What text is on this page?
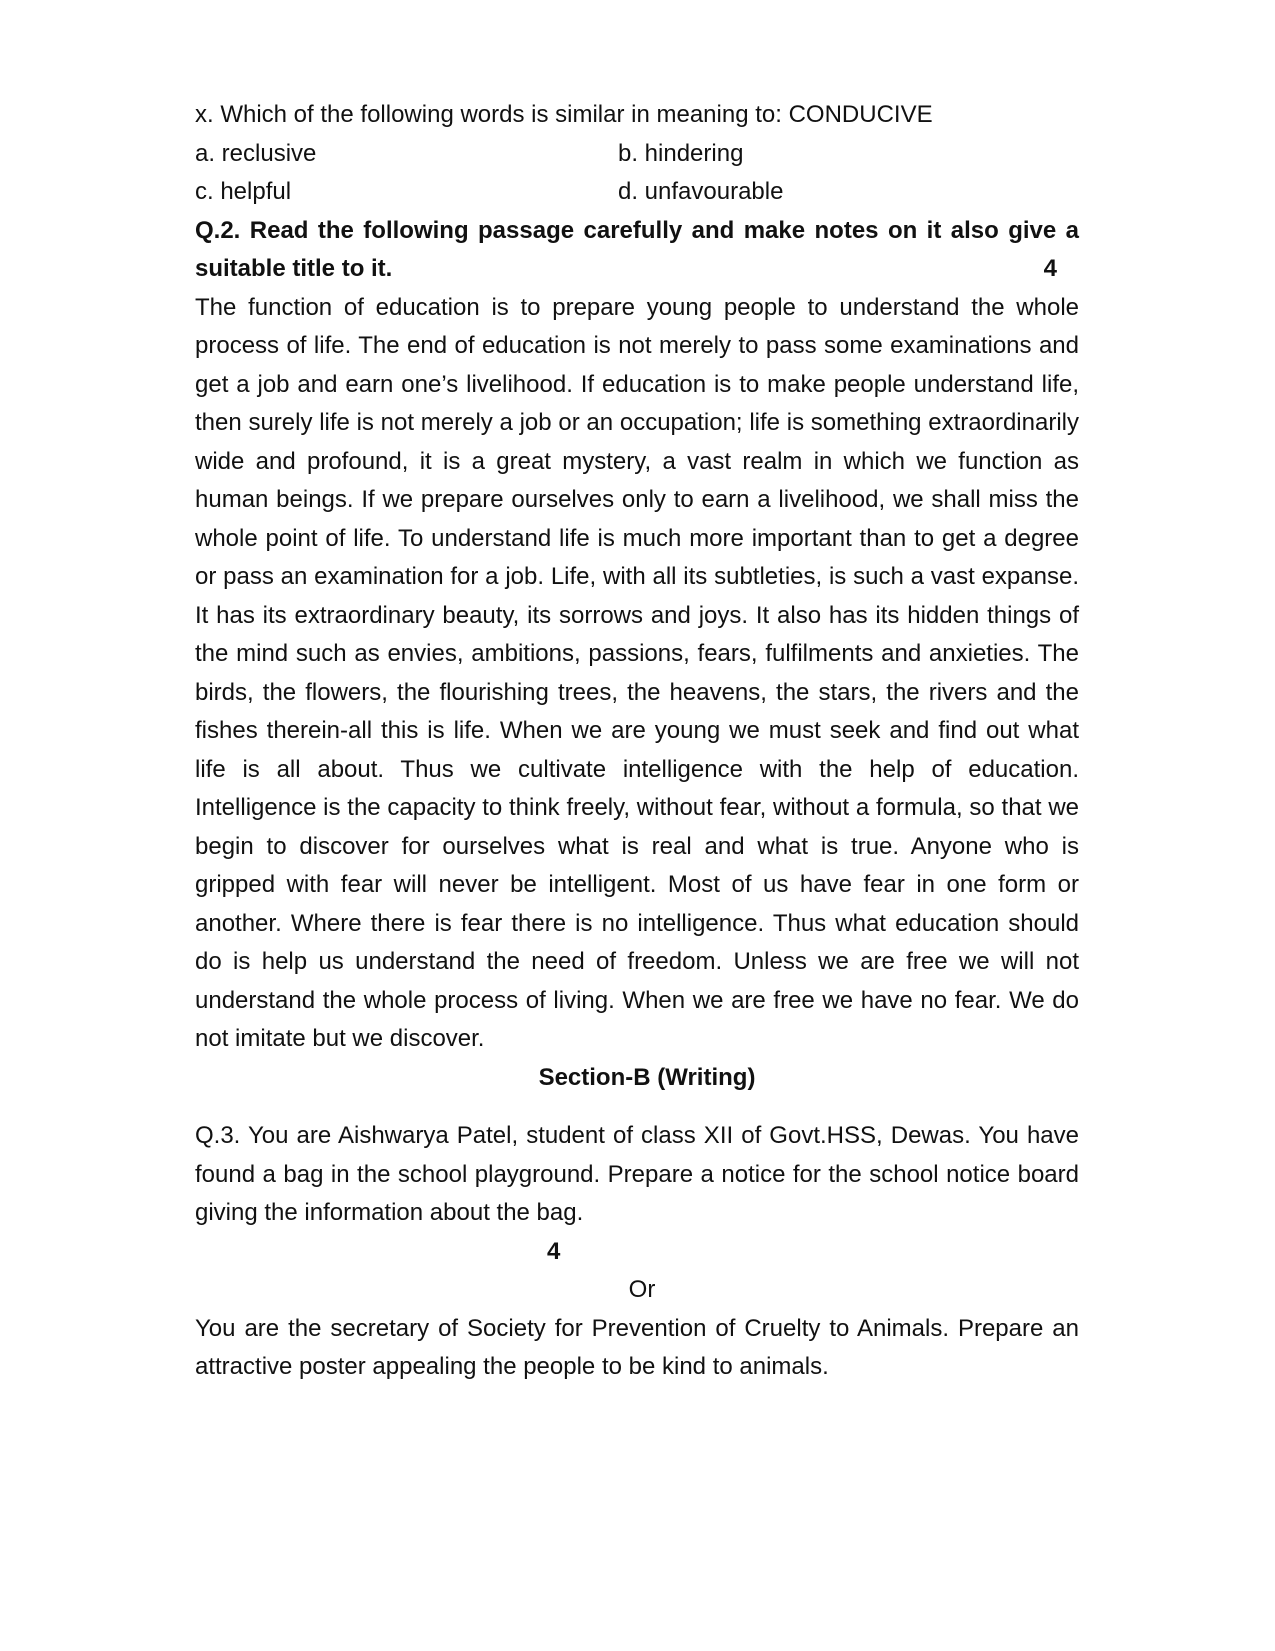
x. Which of the following words is similar in meaning to: CONDUCIVE

a. reclusive	b. hindering
c. helpful	d. unfavourable

Q.2. Read the following passage carefully and make notes on it also give a

suitable title to it.	4

The function of education is to prepare young people to understand the whole process of life. The end of education is not merely to pass some examinations and get a job and earn one’s livelihood. If education is to make people understand life, then surely life is not merely a job or an occupation; life is something extraordinarily wide and profound, it is a great mystery, a vast realm in which we function as human beings. If we prepare ourselves only to earn a livelihood, we shall miss the whole point of life. To understand life is much more important than to get a degree or pass an examination for a job. Life, with all its subtleties, is such a vast expanse. It has its extraordinary beauty, its sorrows and joys. It also has its hidden things of the mind such as envies, ambitions, passions, fears, fulfilments and anxieties. The birds, the flowers, the flourishing trees, the heavens, the stars, the rivers and the fishes therein-all this is life. When we are young we must seek and find out what life is all about. Thus we cultivate intelligence with the help of education. Intelligence is the capacity to think freely, without fear, without a formula, so that we begin to discover for ourselves what is real and what is true. Anyone who is gripped with fear will never be intelligent. Most of us have fear in one form or another. Where there is fear there is no intelligence. Thus what education should do is help us understand the need of freedom. Unless we are free we will not understand the whole process of living. When we are free we have no fear. We do not imitate but we discover.

Section-B (Writing)

Q.3. You are Aishwarya Patel, student of class XII of Govt.HSS, Dewas. You have found a bag in the school playground. Prepare a notice for the school notice board giving the information about the bag.

4

Or

You are the secretary of Society for Prevention of Cruelty to Animals. Prepare an attractive poster appealing the people to be kind to animals.
